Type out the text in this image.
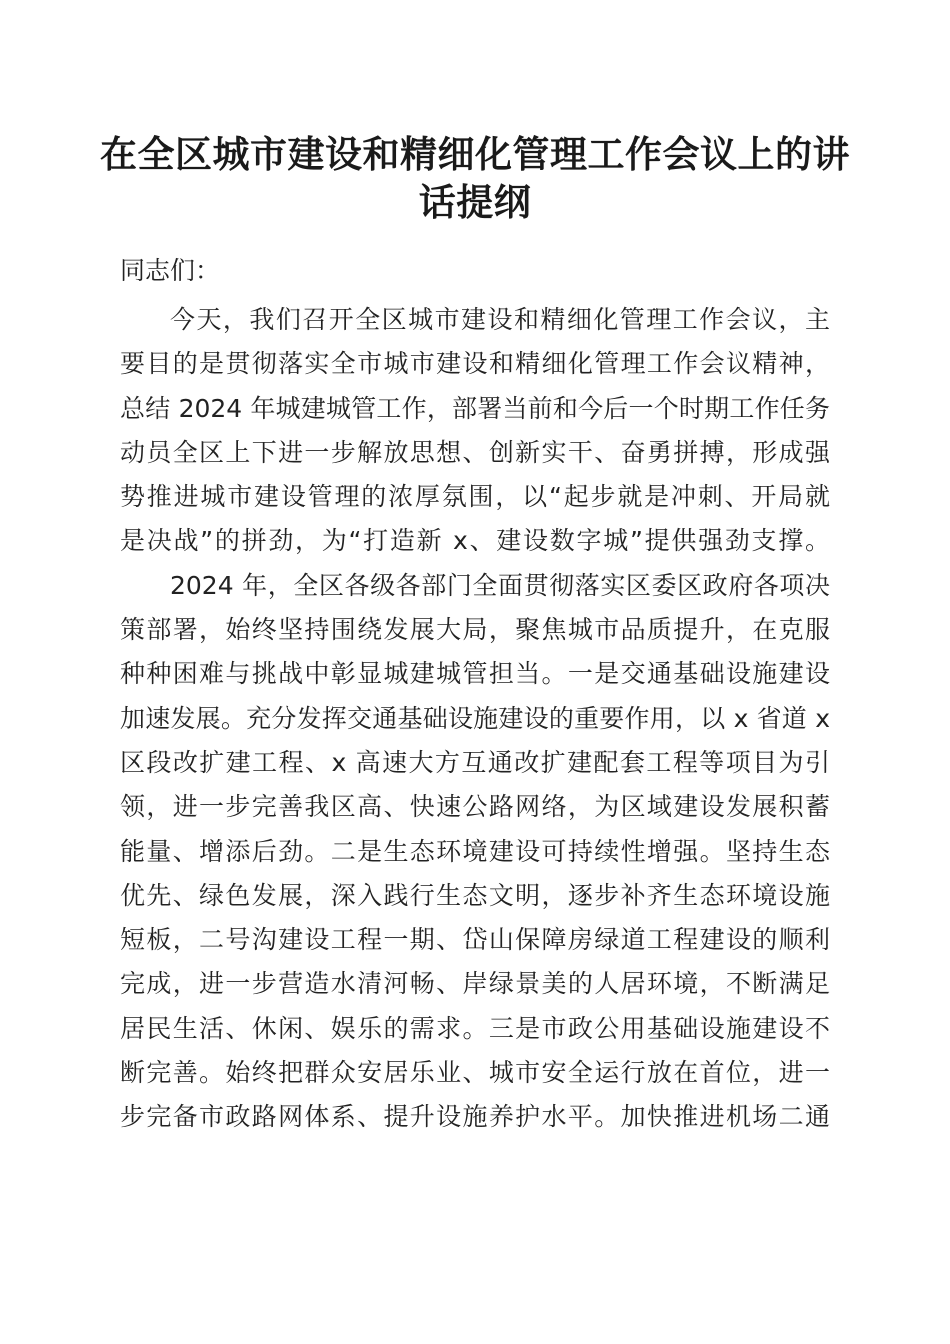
在全区城市建设和精细化管理工作会议上的讲
话提纲
同志们：
今天，我们召开全区城市建设和精细化管理工作会议，主
要目的是贯彻落实全市城市建设和精细化管理工作会议精神，
总结 2024 年城建城管工作，部署当前和今后一个时期工作任务
动员全区上下进一步解放思想、创新实干、奋勇拼搏，形成强
势推进城市建设管理的浓厚氛围，以“起步就是冲刺、开局就
是决战”的拼劲，为“打造新 x、建设数字城”提供强劲支撑。
2024 年，全区各级各部门全面贯彻落实区委区政府各项决
策部署，始终坚持围绕发展大局，聚焦城市品质提升，在克服
种种困难与挑战中彰显城建城管担当。一是交通基础设施建设
加速发展。充分发挥交通基础设施建设的重要作用，以 x 省道 x
区段改扩建工程、x 高速大方互通改扩建配套工程等项目为引
领，进一步完善我区高、快速公路网络，为区域建设发展积蓄
能量、增添后劲。二是生态环境建设可持续性增强。坚持生态
优先、绿色发展，深入践行生态文明，逐步补齐生态环境设施
短板，二号沟建设工程一期、岱山保障房绿道工程建设的顺利
完成，进一步营造水清河畅、岸绿景美的人居环境，不断满足
居民生活、休闲、娱乐的需求。三是市政公用基础设施建设不
断完善。始终把群众安居乐业、城市安全运行放在首位，进一
步完备市政路网体系、提升设施养护水平。加快推进机场二通
